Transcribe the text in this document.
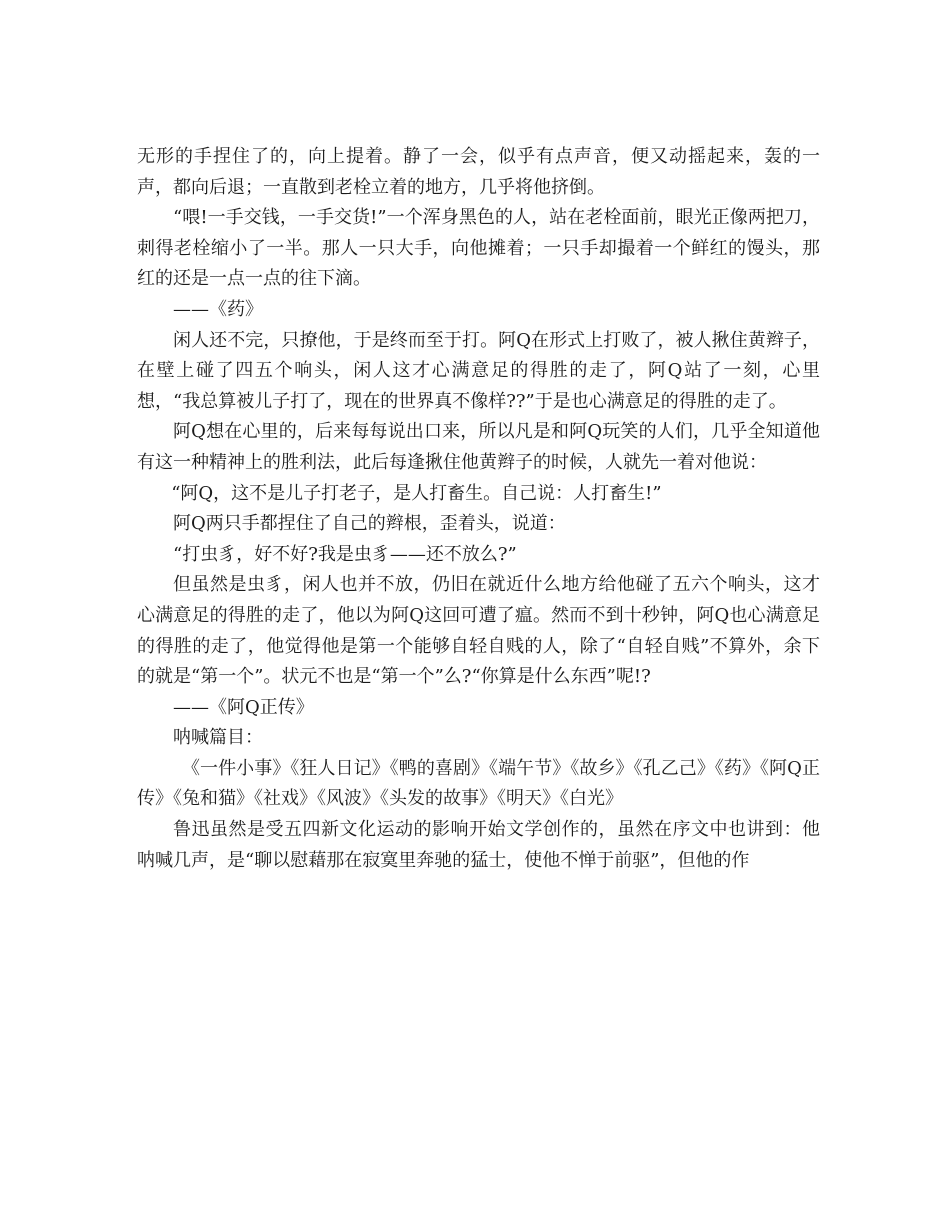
无形的手捏住了的，向上提着。静了一会，似乎有点声音，便又动摇起来，轰的一声，都向后退；一直散到老栓立着的地方，几乎将他挤倒。

“喂!一手交钱，一手交货!”一个浑身黑色的人，站在老栓面前，眼光正像两把刀，刺得老栓缩小了一半。那人一只大手，向他摊着；一只手却撮着一个鲜红的馒头，那红的还是一点一点的往下滴。

——《药》

闲人还不完，只撩他，于是终而至于打。阿Q在形式上打败了，被人揪住黄辫子，在壁上碰了四五个响头，闲人这才心满意足的得胜的走了，阿Q站了一刻，心里想，“我总算被儿子打了，现在的世界真不像样??”于是也心满意足的得胜的走了。

阿Q想在心里的，后来每每说出口来，所以凡是和阿Q玩笑的人们，几乎全知道他有这一种精神上的胜利法，此后每逢揪住他黄辫子的时候，人就先一着对他说：

“阿Q，这不是儿子打老子，是人打畜生。自己说：人打畜生!”

阿Q两只手都捏住了自己的辫根，歪着头，说道：

“打虫豸，好不好?我是虫豸——还不放么?”

但虽然是虫豸，闲人也并不放，仍旧在就近什么地方给他碰了五六个响头，这才心满意足的得胜的走了，他以为阿Q这回可遭了瘟。然而不到十秒钟，阿Q也心满意足的得胜的走了，他觉得他是第一个能够自轻自贱的人，除了“自轻自贱”不算外，余下的就是“第一个”。状元不也是“第一个”么?“你算是什么东西”呢!?

——《阿Q正传》

呐喊篇目：

《一件小事》《狂人日记》《鸭的喜剧》《端午节》《故乡》《孔乙己》《药》《阿Q正传》《兔和猫》《社戏》《风波》《头发的故事》《明天》《白光》

鲁迅虽然是受五四新文化运动的影响开始文学创作的，虽然在序文中也讲到：他呐喊几声，是“聊以慰藉那在寂寞里奔驰的猛士，使他不惮于前驱”，但他的作
